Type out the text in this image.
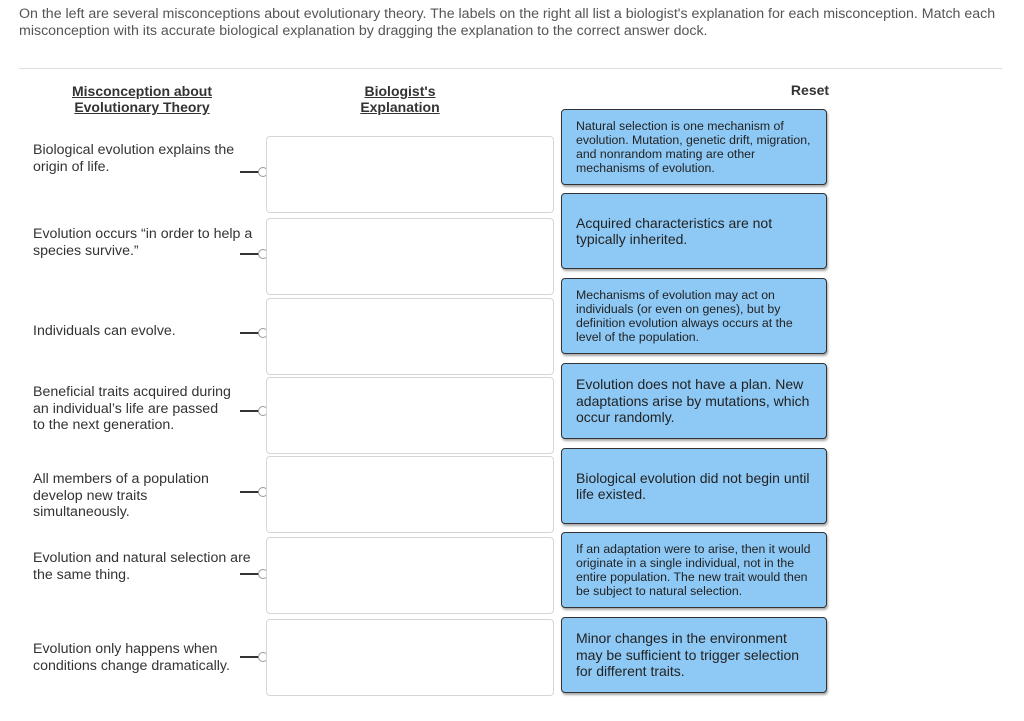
On the left are several misconceptions about evolutionary theory. The labels on the right all list a biologist's explanation for each misconception. Match each misconception with its accurate biological explanation by dragging the explanation to the correct answer dock.
Misconception about Evolutionary Theory
Biologist's Explanation
Reset
Biological evolution explains the origin of life.
Evolution occurs “in order to help a species survive.”
Individuals can evolve.
Beneficial traits acquired during an individual’s life are passed to the next generation.
All members of a population develop new traits simultaneously.
Evolution and natural selection are the same thing.
Evolution only happens when conditions change dramatically.
Natural selection is one mechanism of evolution. Mutation, genetic drift, migration, and nonrandom mating are other mechanisms of evolution.
Acquired characteristics are not typically inherited.
Mechanisms of evolution may act on individuals (or even on genes), but by definition evolution always occurs at the level of the population.
Evolution does not have a plan. New adaptations arise by mutations, which occur randomly.
Biological evolution did not begin until life existed.
If an adaptation were to arise, then it would originate in a single individual, not in the entire population. The new trait would then be subject to natural selection.
Minor changes in the environment may be sufficient to trigger selection for different traits.
